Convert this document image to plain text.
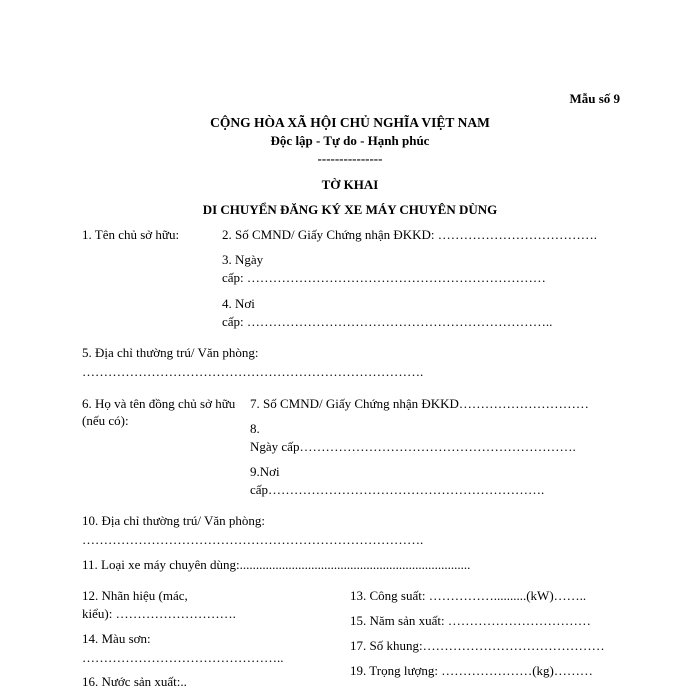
Mẫu số 9
CỘNG HÒA XÃ HỘI CHỦ NGHĨA VIỆT NAM
Độc lập - Tự do - Hạnh phúc
---------------
TỜ KHAI
DI CHUYỂN ĐĂNG KÝ XE MÁY CHUYÊN DÙNG
1. Tên chủ sở hữu:	2. Số CMND/ Giấy Chứng nhận ĐKKD: ……………………………….
3. Ngày
cấp: ……………………………………………………………
4. Nơi
cấp: ……………………………………………………………..
5. Địa chỉ thường trú/ Văn phòng:
…………………………………………………………………….
6. Họ và tên đồng chủ sở hữu
(nếu có):
7. Số CMND/ Giấy Chứng nhận ĐKKD…………………………
8.
Ngày cấp……………………………………………………….
9.Nơi
cấp……………………………………………………….
10. Địa chỉ thường trú/ Văn phòng:
…………………………………………………………………….
11. Loại xe máy chuyên dùng:.......................................................................
12. Nhãn hiệu (mác,
kiểu): ……………………….
13. Công suất: ……………..........(kW)……..
15. Năm sản xuất: ……………………………
14. Màu sơn:
………………………………………..
17. Số khung:……………………………………
19. Trọng lượng: …………………(kg)………
16. Nước sản xuất:..
